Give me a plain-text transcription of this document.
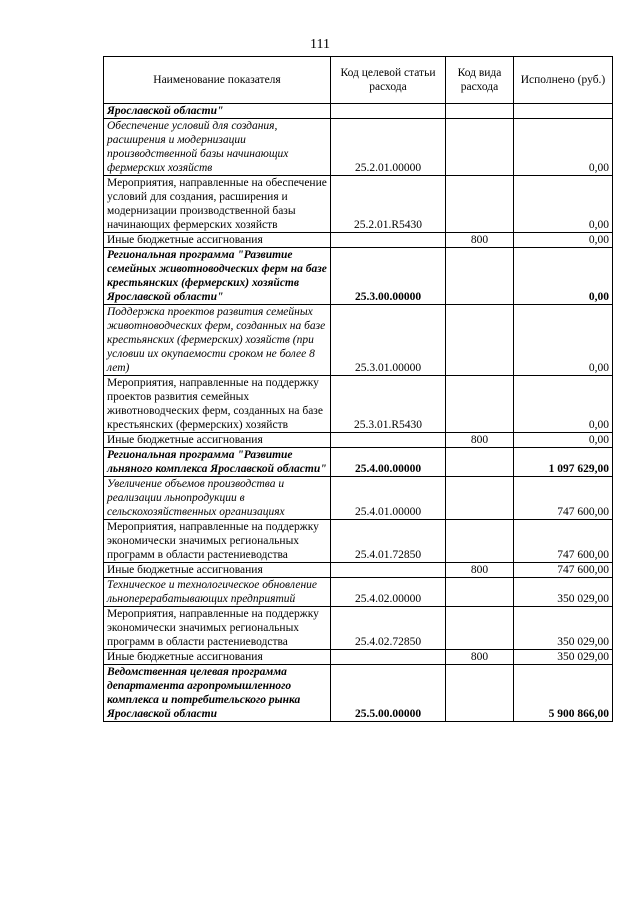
111
Наименование показателя	Код целевой статьи расхода	Код вида расхода	Исполнено (руб.)
Ярославской области"			
Обеспечение условий для создания, расширения и модернизации производственной базы начинающих фермерских хозяйств	25.2.01.00000		0,00
Мероприятия, направленные на обеспечение условий для создания, расширения и модернизации производственной базы начинающих фермерских хозяйств	25.2.01.R5430		0,00
Иные бюджетные ассигнования		800	0,00
Региональная программа "Развитие семейных животноводческих ферм на базе крестьянских (фермерских) хозяйств Ярославской области"	25.3.00.00000		0,00
Поддержка проектов развития семейных животноводческих ферм, созданных на базе крестьянских (фермерских) хозяйств (при условии их окупаемости сроком не более 8 лет)	25.3.01.00000		0,00
Мероприятия, направленные на поддержку проектов развития семейных животноводческих ферм, созданных на базе крестьянских (фермерских) хозяйств	25.3.01.R5430		0,00
Иные бюджетные ассигнования		800	0,00
Региональная программа "Развитие льняного комплекса Ярославской области"	25.4.00.00000		1 097 629,00
Увеличение объемов производства и реализации льнопродукции в сельскохозяйственных организациях	25.4.01.00000		747 600,00
Мероприятия, направленные на поддержку экономически значимых региональных программ в области растениеводства	25.4.01.72850		747 600,00
Иные бюджетные ассигнования		800	747 600,00
Техническое и технологическое обновление льноперерабатывающих предприятий	25.4.02.00000		350 029,00
Мероприятия, направленные на поддержку экономически значимых региональных программ в области растениеводства	25.4.02.72850		350 029,00
Иные бюджетные ассигнования		800	350 029,00
Ведомственная целевая программа департамента агропромышленного комплекса и потребительского рынка Ярославской области	25.5.00.00000		5 900 866,00
